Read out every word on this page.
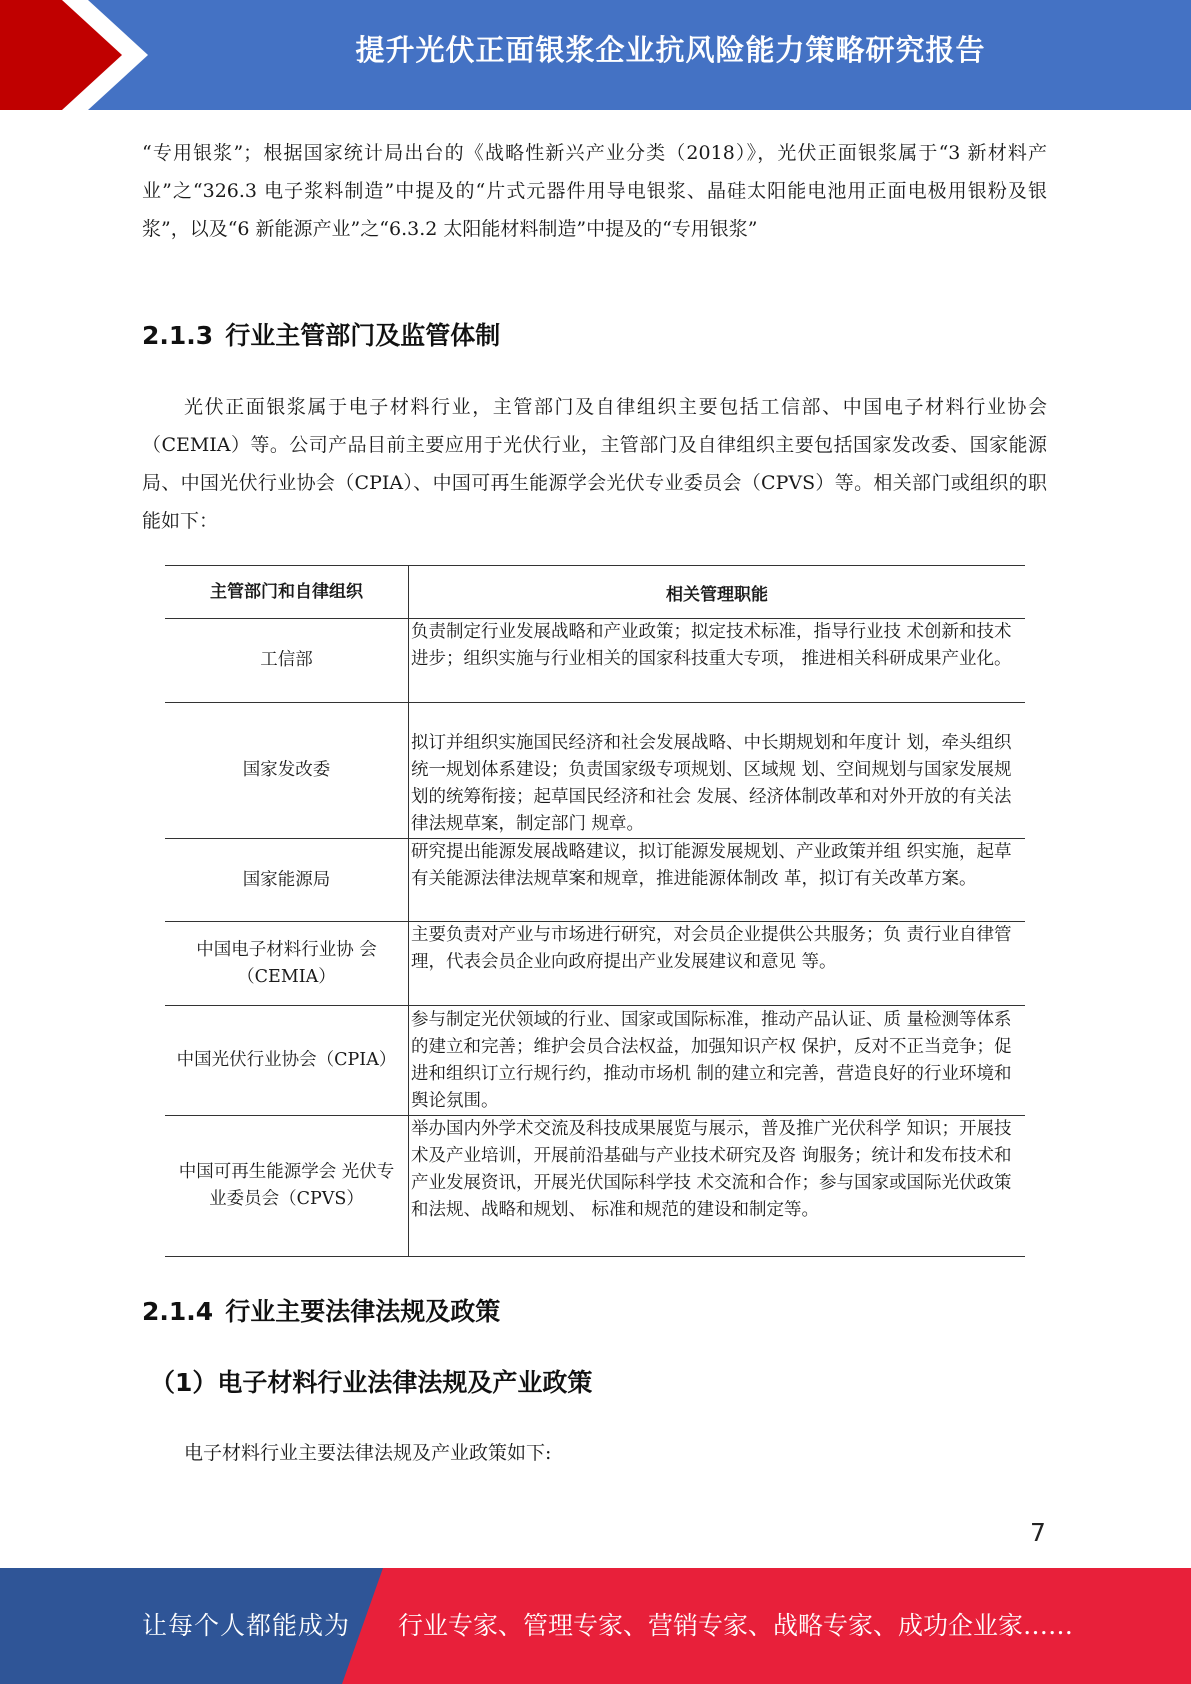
提升光伏正面银浆企业抗风险能力策略研究报告

“专用银浆”；根据国家统计局出台的《战略性新兴产业分类（2018）》，光伏正面银浆属于“3 新材料产业”之“326.3 电子浆料制造”中提及的“片式元器件用导电银浆、晶硅太阳能电池用正面电极用银粉及银浆”，以及“6 新能源产业”之“6.3.2 太阳能材料制造”中提及的“专用银浆”

2.1.3 行业主管部门及监管体制

光伏正面银浆属于电子材料行业，主管部门及自律组织主要包括工信部、中国电子材料行业协会（CEMIA）等。公司产品目前主要应用于光伏行业，主管部门及自律组织主要包括国家发改委、国家能源局、中国光伏行业协会（CPIA）、中国可再生能源学会光伏专业委员会（CPVS）等。相关部门或组织的职能如下：

主管部门和自律组织	相关管理职能
工信部	负责制定行业发展战略和产业政策；拟定技术标准，指导行业技 术创新和技术进步；组织实施与行业相关的国家科技重大专项， 推进相关科研成果产业化。
国家发改委	拟订并组织实施国民经济和社会发展战略、中长期规划和年度计 划，牵头组织统一规划体系建设；负责国家级专项规划、区域规 划、空间规划与国家发展规划的统筹衔接；起草国民经济和社会 发展、经济体制改革和对外开放的有关法律法规草案，制定部门 规章。
国家能源局	研究提出能源发展战略建议，拟订能源发展规划、产业政策并组 织实施，起草有关能源法律法规草案和规章，推进能源体制改 革，拟订有关改革方案。
中国电子材料行业协 会（CEMIA）	主要负责对产业与市场进行研究，对会员企业提供公共服务；负 责行业自律管理，代表会员企业向政府提出产业发展建议和意见 等。
中国光伏行业协会（CPIA）	参与制定光伏领域的行业、国家或国际标准，推动产品认证、质 量检测等体系的建立和完善；维护会员合法权益，加强知识产权 保护，反对不正当竞争；促进和组织订立行规行约，推动市场机 制的建立和完善，营造良好的行业环境和舆论氛围。
中国可再生能源学会 光伏专业委员会（CPVS）	举办国内外学术交流及科技成果展览与展示，普及推广光伏科学 知识；开展技术及产业培训，开展前沿基础与产业技术研究及咨 询服务；统计和发布技术和产业发展资讯，开展光伏国际科学技 术交流和合作；参与国家或国际光伏政策和法规、战略和规划、 标准和规范的建设和制定等。
2.1.4 行业主要法律法规及政策
（1）电子材料行业法律法规及产业政策

电子材料行业主要法律法规及产业政策如下:

7
让每个人都能成为 行业专家、管理专家、营销专家、战略专家、成功企业家……
